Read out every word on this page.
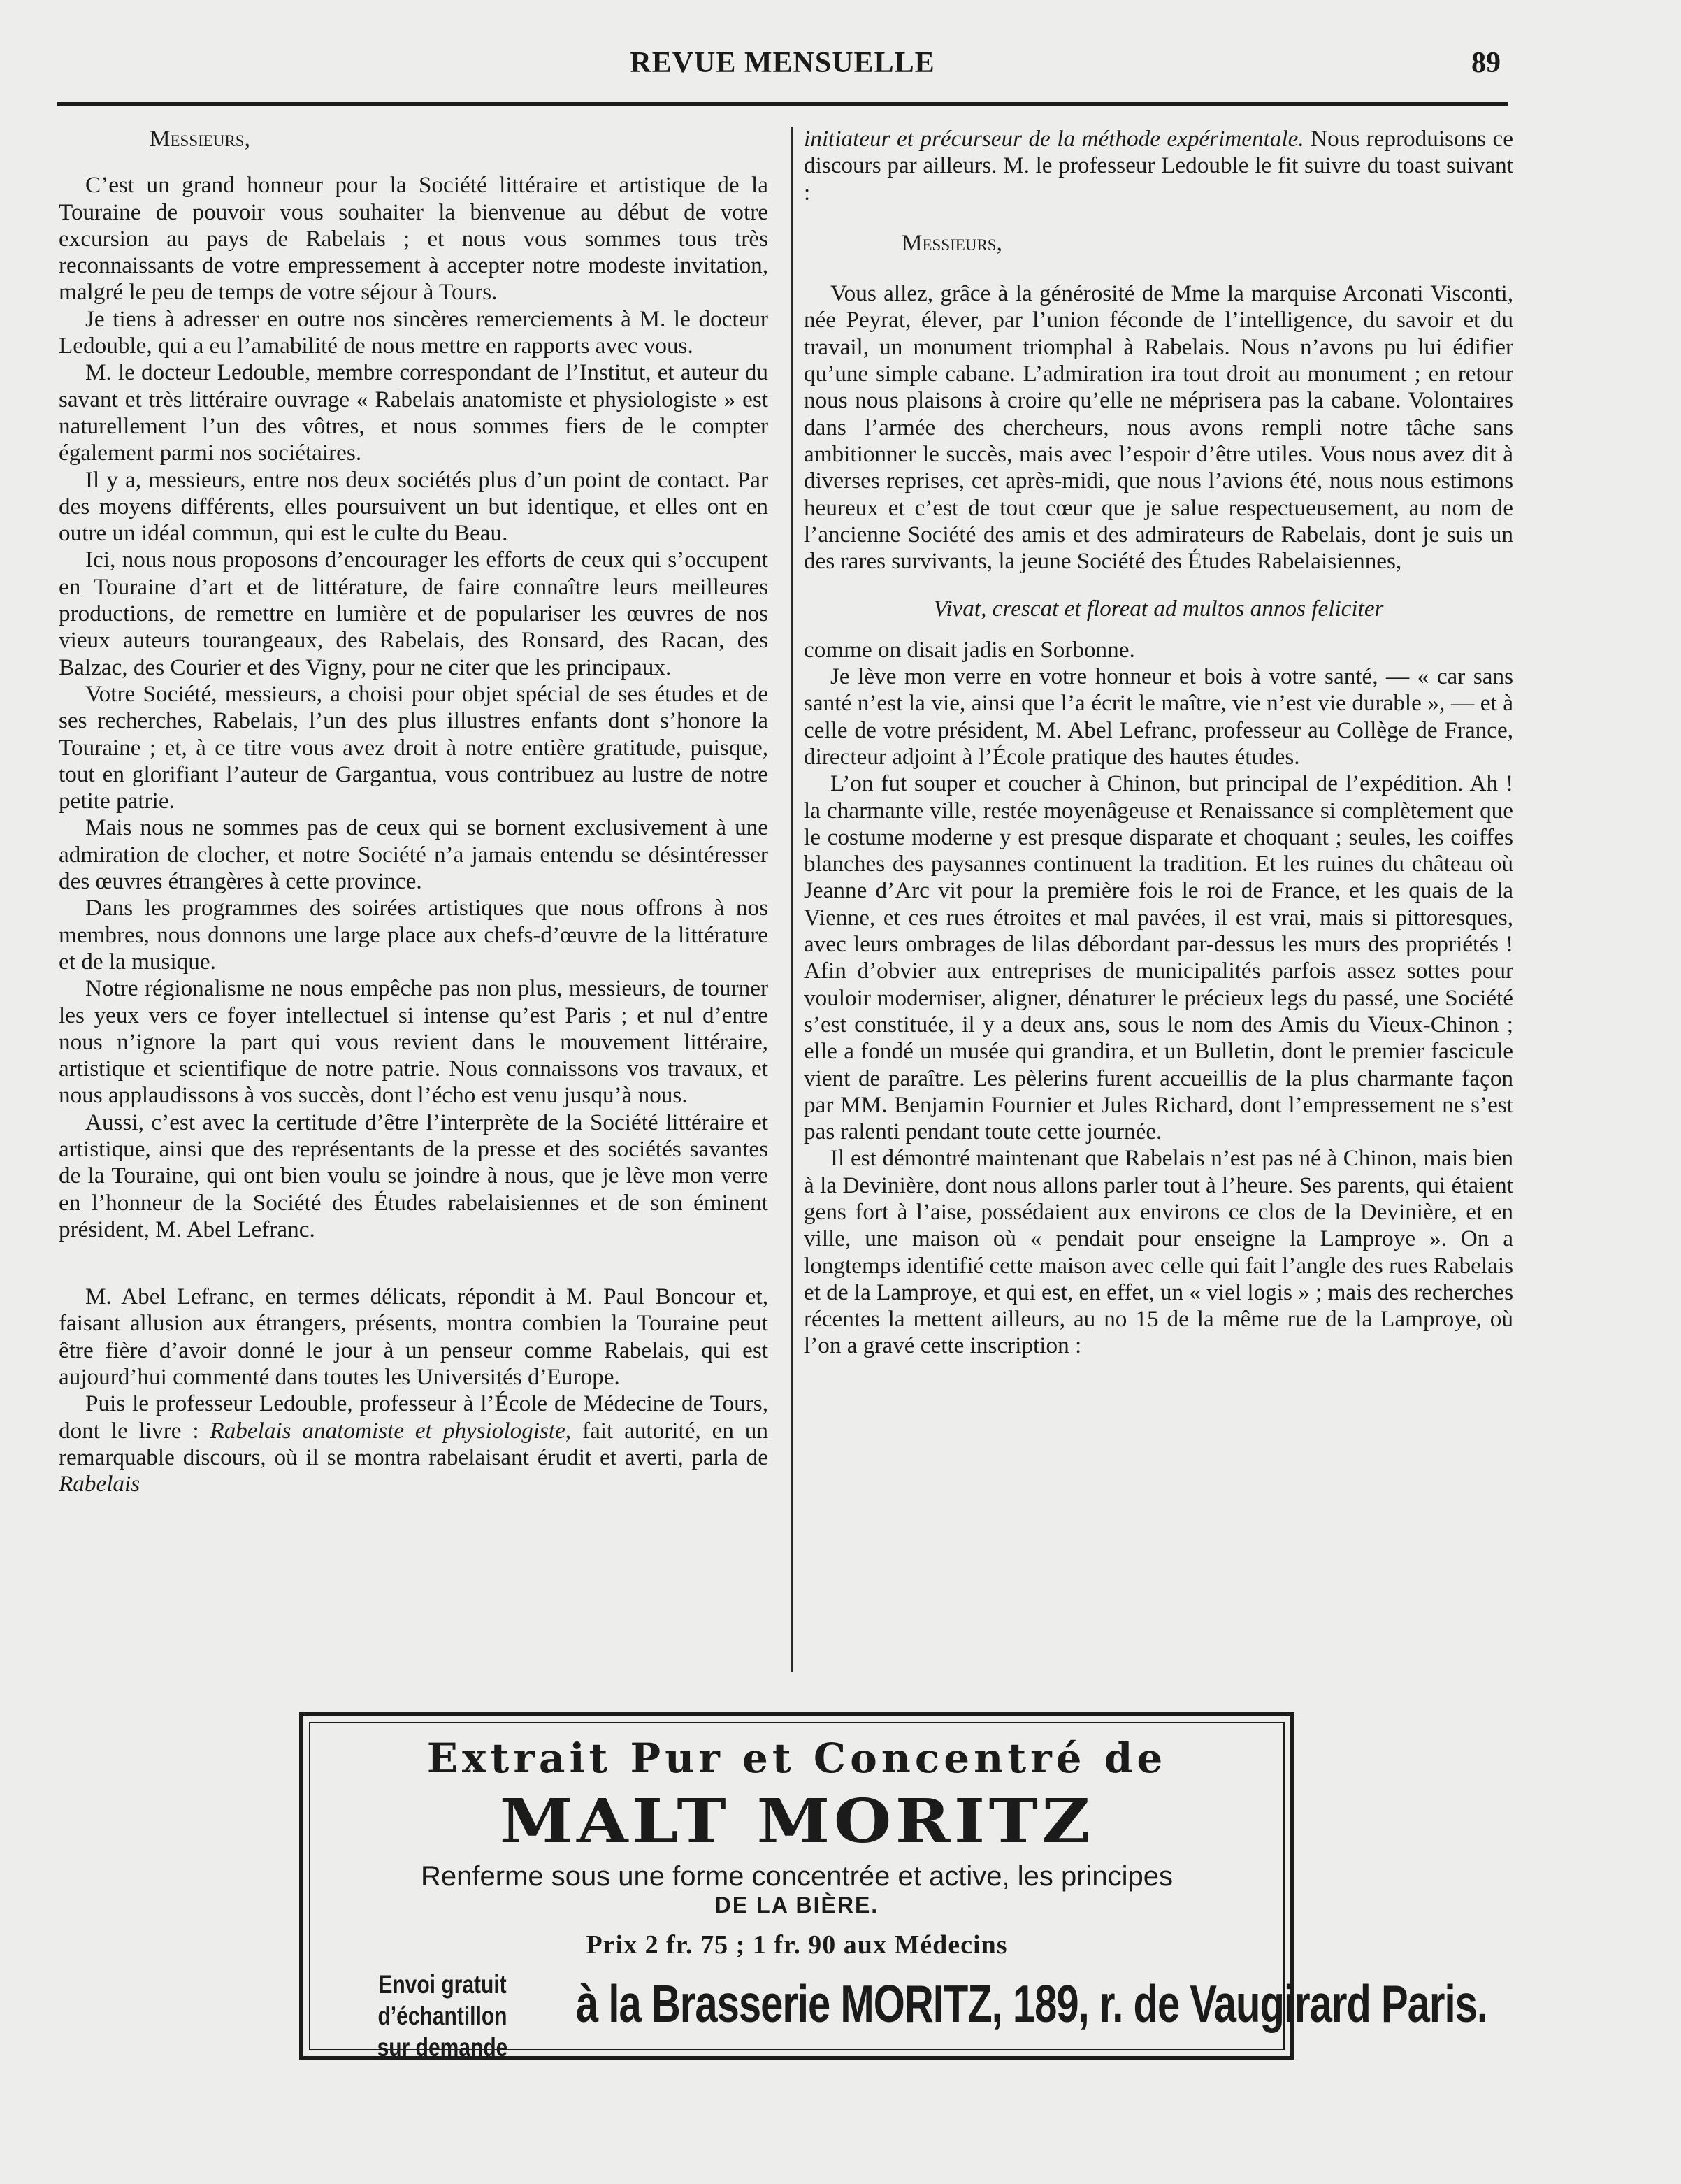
REVUE MENSUELLE	89

Messieurs,

C’est un grand honneur pour la Société littéraire et artistique de la Touraine de pouvoir vous souhaiter la bienvenue au début de votre excursion au pays de Rabelais ; et nous vous sommes tous très reconnaissants de votre empressement à accepter notre modeste invitation, malgré le peu de temps de votre séjour à Tours.

Je tiens à adresser en outre nos sincères remerciements à M. le docteur Ledouble, qui a eu l’amabilité de nous mettre en rapports avec vous.

M. le docteur Ledouble, membre correspondant de l’Institut, et auteur du savant et très littéraire ouvrage « Rabelais anatomiste et physiologiste » est naturellement l’un des vôtres, et nous sommes fiers de le compter également parmi nos sociétaires.

Il y a, messieurs, entre nos deux sociétés plus d’un point de contact. Par des moyens différents, elles poursuivent un but identique, et elles ont en outre un idéal commun, qui est le culte du Beau.

Ici, nous nous proposons d’encourager les efforts de ceux qui s’occupent en Touraine d’art et de littérature, de faire connaître leurs meilleures productions, de remettre en lumière et de populariser les œuvres de nos vieux auteurs tourangeaux, des Rabelais, des Ronsard, des Racan, des Balzac, des Courier et des Vigny, pour ne citer que les principaux.

Votre Société, messieurs, a choisi pour objet spécial de ses études et de ses recherches, Rabelais, l’un des plus illustres enfants dont s’honore la Touraine ; et, à ce titre vous avez droit à notre entière gratitude, puisque, tout en glorifiant l’auteur de Gargantua, vous contribuez au lustre de notre petite patrie.

Mais nous ne sommes pas de ceux qui se bornent exclusivement à une admiration de clocher, et notre Société n’a jamais entendu se désintéresser des œuvres étrangères à cette province.

Dans les programmes des soirées artistiques que nous offrons à nos membres, nous donnons une large place aux chefs-d’œuvre de la littérature et de la musique.

Notre régionalisme ne nous empêche pas non plus, messieurs, de tourner les yeux vers ce foyer intellectuel si intense qu’est Paris ; et nul d’entre nous n’ignore la part qui vous revient dans le mouvement littéraire, artistique et scientifique de notre patrie. Nous connaissons vos travaux, et nous applaudissons à vos succès, dont l’écho est venu jusqu’à nous.

Aussi, c’est avec la certitude d’être l’interprète de la Société littéraire et artistique, ainsi que des représentants de la presse et des sociétés savantes de la Touraine, qui ont bien voulu se joindre à nous, que je lève mon verre en l’honneur de la Société des Études rabelaisiennes et de son éminent président, M. Abel Lefranc.

M. Abel Lefranc, en termes délicats, répondit à M. Paul Boncour et, faisant allusion aux étrangers, présents, montra combien la Touraine peut être fière d’avoir donné le jour à un penseur comme Rabelais, qui est aujourd’hui commenté dans toutes les Universités d’Europe.

Puis le professeur Ledouble, professeur à l’École de Médecine de Tours, dont le livre : Rabelais anatomiste et physiologiste, fait autorité, en un remarquable discours, où il se montra rabelaisant érudit et averti, parla de Rabelais

initiateur et précurseur de la méthode expérimentale. Nous reproduisons ce discours par ailleurs. M. le professeur Ledouble le fit suivre du toast suivant :

Messieurs,

Vous allez, grâce à la générosité de Mme la marquise Arconati Visconti, née Peyrat, élever, par l’union féconde de l’intelligence, du savoir et du travail, un monument triomphal à Rabelais. Nous n’avons pu lui édifier qu’une simple cabane. L’admiration ira tout droit au monument ; en retour nous nous plaisons à croire qu’elle ne méprisera pas la cabane. Volontaires dans l’armée des chercheurs, nous avons rempli notre tâche sans ambitionner le succès, mais avec l’espoir d’être utiles. Vous nous avez dit à diverses reprises, cet après-midi, que nous l’avions été, nous nous estimons heureux et c’est de tout cœur que je salue respectueusement, au nom de l’ancienne Société des amis et des admirateurs de Rabelais, dont je suis un des rares survivants, la jeune Société des Études Rabelaisiennes,

Vivat, crescat et floreat ad multos annos feliciter

comme on disait jadis en Sorbonne.

Je lève mon verre en votre honneur et bois à votre santé, — « car sans santé n’est la vie, ainsi que l’a écrit le maître, vie n’est vie durable », — et à celle de votre président, M. Abel Lefranc, professeur au Collège de France, directeur adjoint à l’École pratique des hautes études.

L’on fut souper et coucher à Chinon, but principal de l’expédition. Ah ! la charmante ville, restée moyenâgeuse et Renaissance si complètement que le costume moderne y est presque disparate et choquant ; seules, les coiffes blanches des paysannes continuent la tradition. Et les ruines du château où Jeanne d’Arc vit pour la première fois le roi de France, et les quais de la Vienne, et ces rues étroites et mal pavées, il est vrai, mais si pittoresques, avec leurs ombrages de lilas débordant par-dessus les murs des propriétés ! Afin d’obvier aux entreprises de municipalités parfois assez sottes pour vouloir moderniser, aligner, dénaturer le précieux legs du passé, une Société s’est constituée, il y a deux ans, sous le nom des Amis du Vieux-Chinon ; elle a fondé un musée qui grandira, et un Bulletin, dont le premier fascicule vient de paraître. Les pèlerins furent accueillis de la plus charmante façon par MM. Benjamin Fournier et Jules Richard, dont l’empressement ne s’est pas ralenti pendant toute cette journée.

Il est démontré maintenant que Rabelais n’est pas né à Chinon, mais bien à la Devinière, dont nous allons parler tout à l’heure. Ses parents, qui étaient gens fort à l’aise, possédaient aux environs ce clos de la Devinière, et en ville, une maison où « pendait pour enseigne la Lamproye ». On a longtemps identifié cette maison avec celle qui fait l’angle des rues Rabelais et de la Lamproye, et qui est, en effet, un « viel logis » ; mais des recherches récentes la mettent ailleurs, au no 15 de la même rue de la Lamproye, où l’on a gravé cette inscription :

Extrait Pur et Concentré de
MALT MORITZ
Renferme sous une forme concentrée et active, les principes
DE LA BIÈRE.
Prix 2 fr. 75 ; 1 fr. 90 aux Médecins
Envoi gratuit d’échantillon
sur demande
à la Brasserie MORITZ, 189, r. de Vaugirard Paris.
